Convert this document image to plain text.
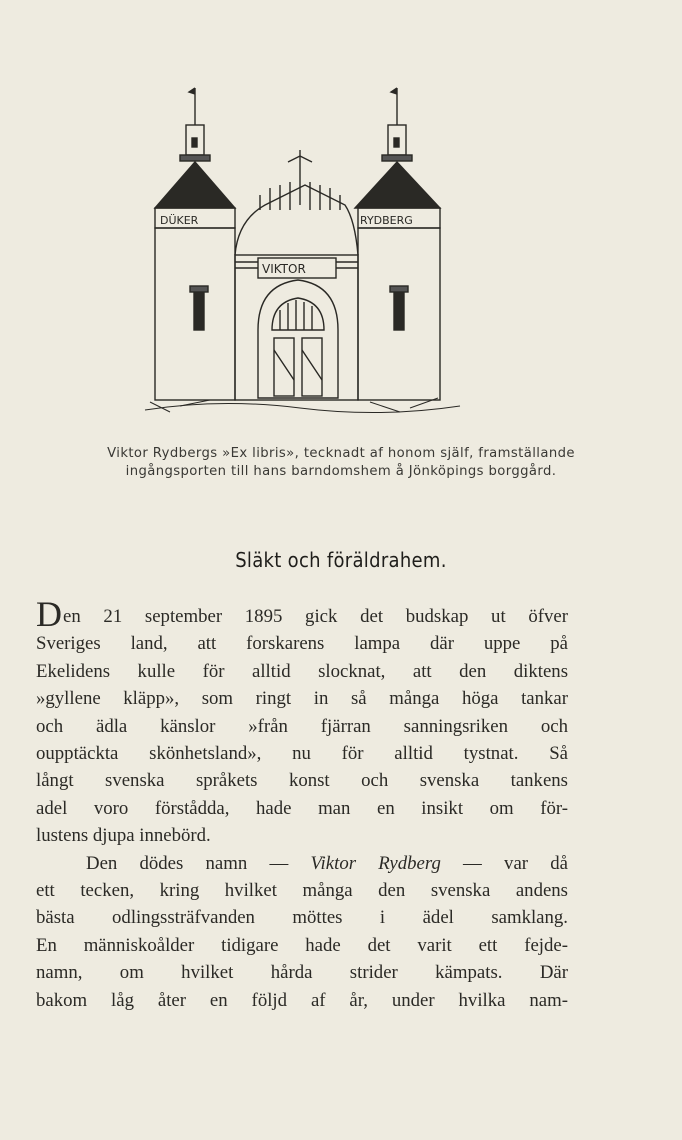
DÜKER	RYDBERG
VIKTOR
Viktor Rydbergs »Ex libris», tecknadt af honom själf, framställande
ingångsporten till hans barndomshem å Jönköpings borggård.
Släkt och föräldrahem.
Den 21 september 1895 gick det budskap ut öfver
Sveriges land, att forskarens lampa där uppe på
Ekelidens kulle för alltid slocknat, att den diktens
»gyllene kläpp», som ringt in så många höga tankar
och ädla känslor »från fjärran sanningsriken och
oupptäckta skönhetsland», nu för alltid tystnat. Så
långt svenska språkets konst och svenska tankens
adel voro förstådda, hade man en insikt om för-
lustens djupa innebörd.
Den dödes namn — Viktor Rydberg — var då
ett tecken, kring hvilket många den svenska andens
bästa odlingssträfvanden möttes i ädel samklang.
En människoålder tidigare hade det varit ett fejde-
namn, om hvilket hårda strider kämpats. Där
bakom låg åter en följd af år, under hvilka nam-
